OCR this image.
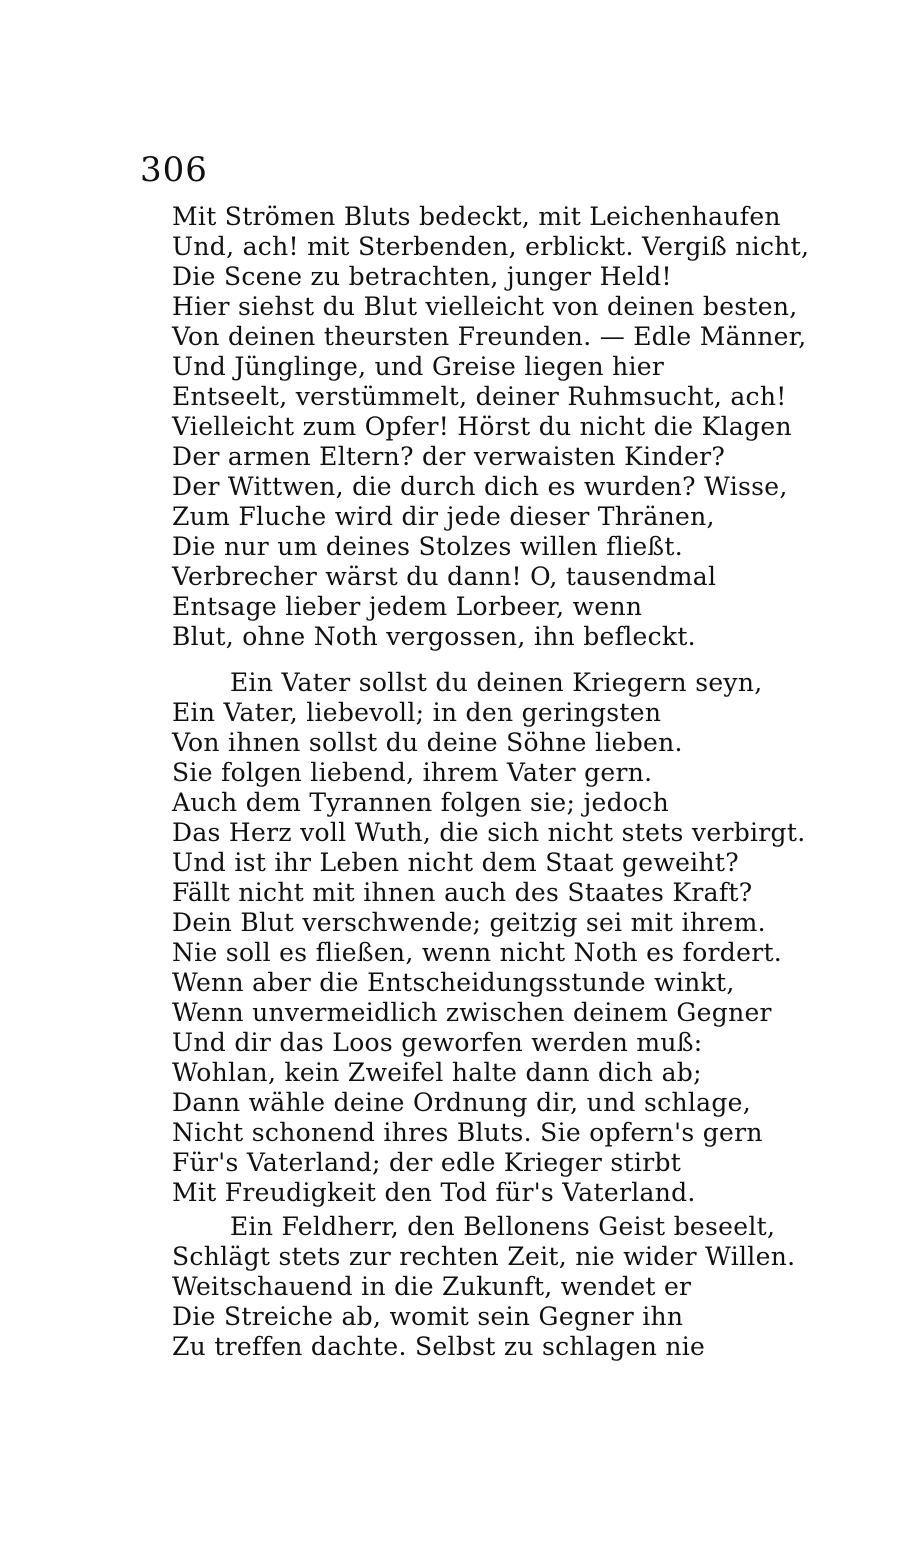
306
Mit Strömen Bluts bedeckt, mit Leichenhaufen
Und, ach! mit Sterbenden, erblickt. Vergiß nicht,
Die Scene zu betrachten, junger Held!
Hier siehst du Blut vielleicht von deinen besten,
Von deinen theursten Freunden. — Edle Männer,
Und Jünglinge, und Greise liegen hier
Entseelt, verstümmelt, deiner Ruhmsucht, ach!
Vielleicht zum Opfer! Hörst du nicht die Klagen
Der armen Eltern? der verwaisten Kinder?
Der Wittwen, die durch dich es wurden? Wisse,
Zum Fluche wird dir jede dieser Thränen,
Die nur um deines Stolzes willen fließt.
Verbrecher wärst du dann! O, tausendmal
Entsage lieber jedem Lorbeer, wenn
Blut, ohne Noth vergossen, ihn befleckt.
Ein Vater sollst du deinen Kriegern seyn,
Ein Vater, liebevoll; in den geringsten
Von ihnen sollst du deine Söhne lieben.
Sie folgen liebend, ihrem Vater gern.
Auch dem Tyrannen folgen sie; jedoch
Das Herz voll Wuth, die sich nicht stets verbirgt.
Und ist ihr Leben nicht dem Staat geweiht?
Fällt nicht mit ihnen auch des Staates Kraft?
Dein Blut verschwende; geitzig sei mit ihrem.
Nie soll es fließen, wenn nicht Noth es fordert.
Wenn aber die Entscheidungsstunde winkt,
Wenn unvermeidlich zwischen deinem Gegner
Und dir das Loos geworfen werden muß:
Wohlan, kein Zweifel halte dann dich ab;
Dann wähle deine Ordnung dir, und schlage,
Nicht schonend ihres Bluts. Sie opfern's gern
Für's Vaterland; der edle Krieger stirbt
Mit Freudigkeit den Tod für's Vaterland.
Ein Feldherr, den Bellonens Geist beseelt,
Schlägt stets zur rechten Zeit, nie wider Willen.
Weitschauend in die Zukunft, wendet er
Die Streiche ab, womit sein Gegner ihn
Zu treffen dachte. Selbst zu schlagen nie
